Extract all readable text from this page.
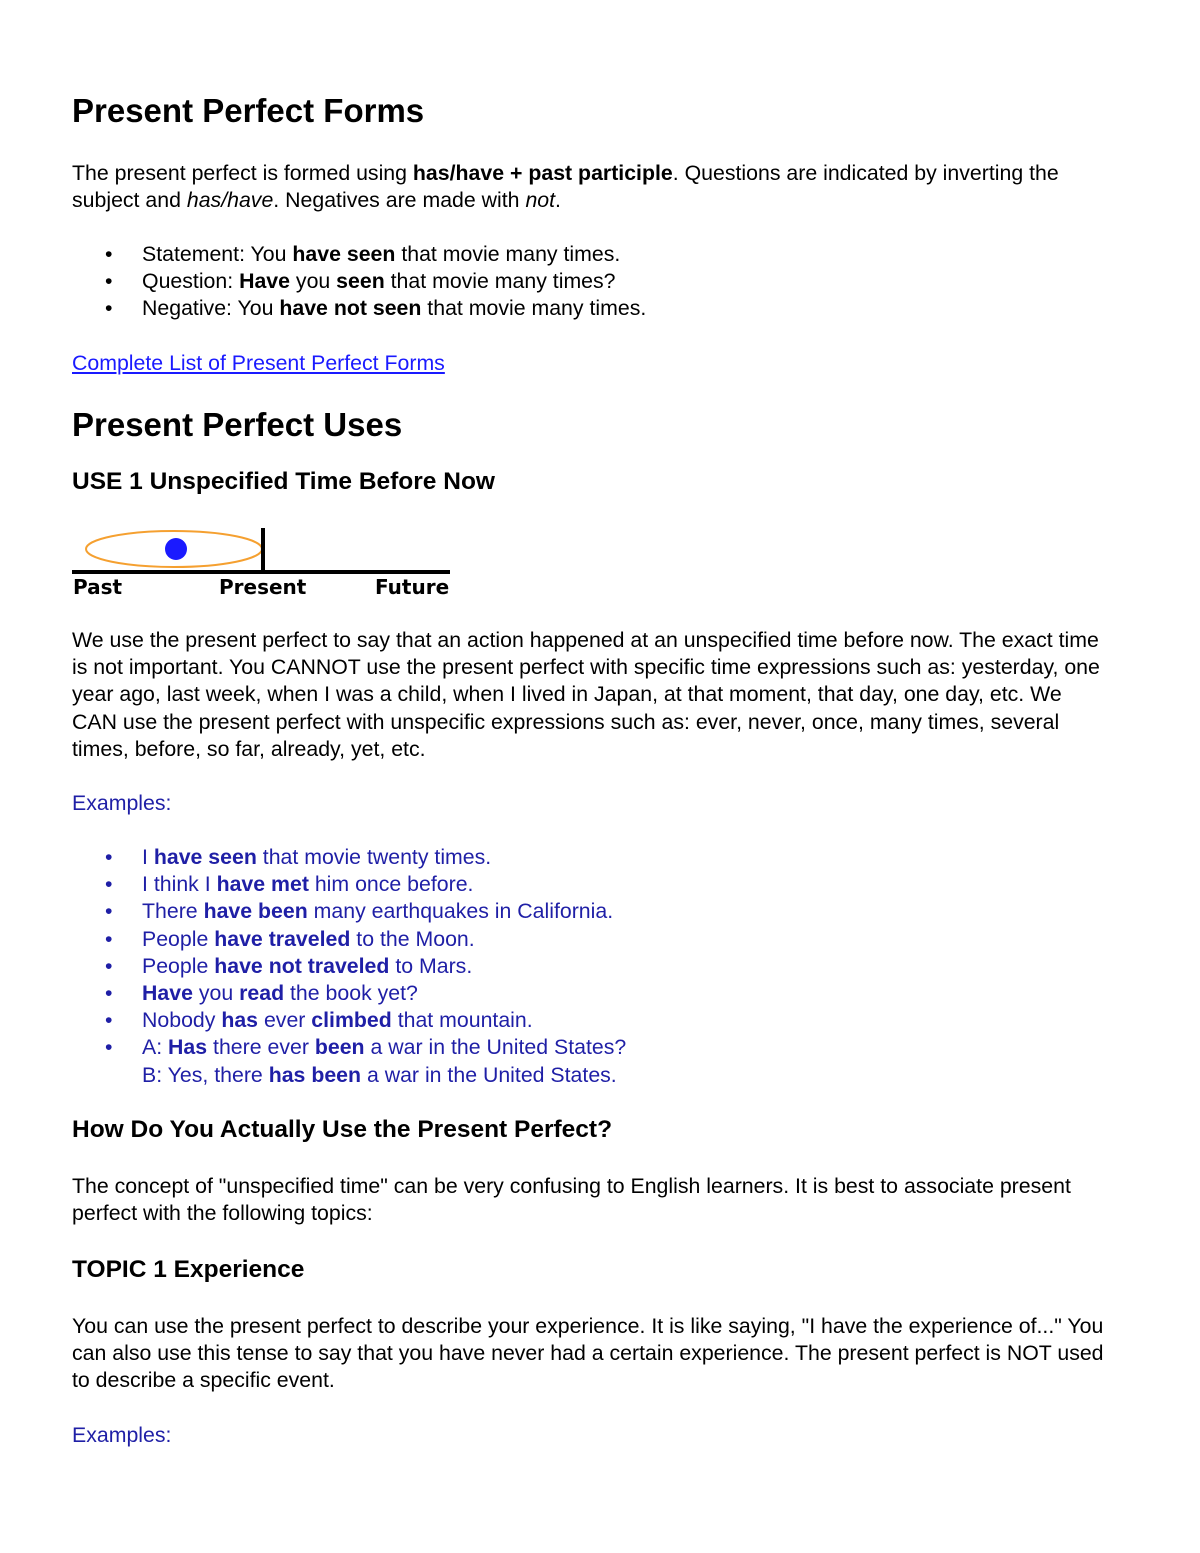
Present Perfect Forms

The present perfect is formed using has/have + past participle. Questions are indicated by inverting the subject and has/have. Negatives are made with not.

• Statement: You have seen that movie many times.
• Question: Have you seen that movie many times?
• Negative: You have not seen that movie many times.

Complete List of Present Perfect Forms

Present Perfect Uses
USE 1 Unspecified Time Before Now
Past	Present	Future

We use the present perfect to say that an action happened at an unspecified time before now. The exact time is not important. You CANNOT use the present perfect with specific time expressions such as: yesterday, one year ago, last week, when I was a child, when I lived in Japan, at that moment, that day, one day, etc. We CAN use the present perfect with unspecific expressions such as: ever, never, once, many times, several times, before, so far, already, yet, etc.

Examples:

• I have seen that movie twenty times.
• I think I have met him once before.
• There have been many earthquakes in California.
• People have traveled to the Moon.
• People have not traveled to Mars.
• Have you read the book yet?
• Nobody has ever climbed that mountain.
• A: Has there ever been a war in the United States?
B: Yes, there has been a war in the United States.
How Do You Actually Use the Present Perfect?

The concept of "unspecified time" can be very confusing to English learners. It is best to associate present perfect with the following topics:

TOPIC 1 Experience

You can use the present perfect to describe your experience. It is like saying, "I have the experience of..." You can also use this tense to say that you have never had a certain experience. The present perfect is NOT used to describe a specific event.

Examples:
